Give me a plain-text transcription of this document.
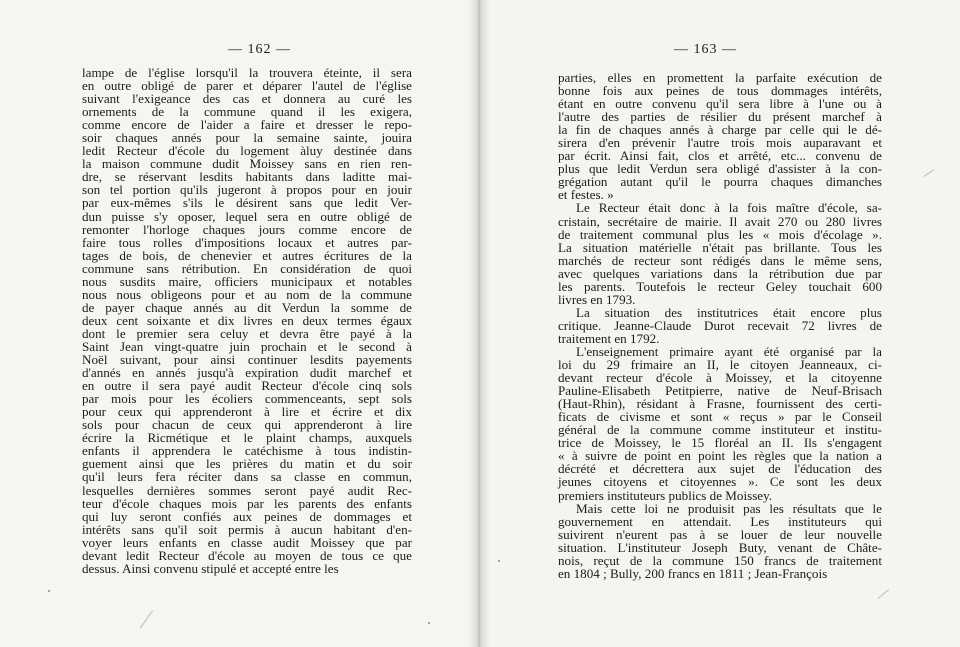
— 162 —
lampe de l'église lorsqu'il la trouvera éteinte, il sera
en outre obligé de parer et déparer l'autel de l'église
suivant l'exigeance des cas et donnera au curé les
ornements de la commune quand il les exigera,
comme encore de l'aider a faire et dresser le repo-
soir chaques annés pour la semaine sainte, jouira
ledit Recteur d'école du logement àluy destinée dans
la maison commune dudit Moissey sans en rien ren-
dre, se réservant lesdits habitants dans laditte mai-
son tel portion qu'ils jugeront à propos pour en jouir
par eux-mêmes s'ils le désirent sans que ledit Ver-
dun puisse s'y oposer, lequel sera en outre obligé de
remonter l'horloge chaques jours comme encore de
faire tous rolles d'impositions locaux et autres par-
tages de bois, de chenevier et autres écritures de la
commune sans rétribution. En considération de quoi
nous susdits maire, officiers municipaux et notables
nous nous obligeons pour et au nom de la commune
de payer chaque annés au dit Verdun la somme de
deux cent soixante et dix livres en deux termes égaux
dont le premier sera celuy et devra être payé à la
Saint Jean vingt-quatre juin prochain et le second à
Noël suivant, pour ainsi continuer lesdits payements
d'annés en annés jusqu'à expiration dudit marchef et
en outre il sera payé audit Recteur d'école cinq sols
par mois pour les écoliers commenceants, sept sols
pour ceux qui apprenderont à lire et écrire et dix
sols pour chacun de ceux qui apprenderont à lire
écrire la Ricmétique et le plaint champs, auxquels
enfants il apprendera le catéchisme à tous indistin-
guement ainsi que les prières du matin et du soir
qu'il leurs fera réciter dans sa classe en commun,
lesquelles dernières sommes seront payé audit Rec-
teur d'école chaques mois par les parents des enfants
qui luy seront confiés aux peines de dommages et
intérêts sans qu'il soit permis à aucun habitant d'en-
voyer leurs enfants en classe audit Moissey que par
devant ledit Recteur d'école au moyen de tous ce que
dessus. Ainsi convenu stipulé et accepté entre les
— 163 —
parties, elles en promettent la parfaite exécution de
bonne fois aux peines de tous dommages intérêts,
étant en outre convenu qu'il sera libre à l'une ou à
l'autre des parties de résilier du présent marchef à
la fin de chaques annés à charge par celle qui le dé-
sirera d'en prévenir l'autre trois mois auparavant et
par écrit. Ainsi fait, clos et arrêté, etc... convenu de
plus que ledit Verdun sera obligé d'assister à la con-
grégation autant qu'il le pourra chaques dimanches
et festes. »
Le Recteur était donc à la fois maître d'école, sa-
cristain, secrétaire de mairie. Il avait 270 ou 280 livres
de traitement communal plus les « mois d'écolage ».
La situation matérielle n'était pas brillante. Tous les
marchés de recteur sont rédigés dans le même sens,
avec quelques variations dans la rétribution due par
les parents. Toutefois le recteur Geley touchait 600
livres en 1793.
La situation des institutrices était encore plus
critique. Jeanne-Claude Durot recevait 72 livres de
traitement en 1792.
L'enseignement primaire ayant été organisé par la
loi du 29 frimaire an II, le citoyen Jeanneaux, ci-
devant recteur d'école à Moissey, et la citoyenne
Pauline-Elisabeth Petitpierre, native de Neuf-Brisach
(Haut-Rhin), résidant à Frasne, fournissent des certi-
ficats de civisme et sont « reçus » par le Conseil
général de la commune comme instituteur et institu-
trice de Moissey, le 15 floréal an II. Ils s'engagent
« à suivre de point en point les règles que la nation a
décrété et décrettera aux sujet de l'éducation des
jeunes citoyens et citoyennes ». Ce sont les deux
premiers instituteurs publics de Moissey.
Mais cette loi ne produisit pas les résultats que le
gouvernement en attendait. Les instituteurs qui
suivirent n'eurent pas à se louer de leur nouvelle
situation. L'instituteur Joseph Buty, venant de Châte-
nois, reçut de la commune 150 francs de traitement
en 1804 ; Bully, 200 francs en 1811 ; Jean-François
